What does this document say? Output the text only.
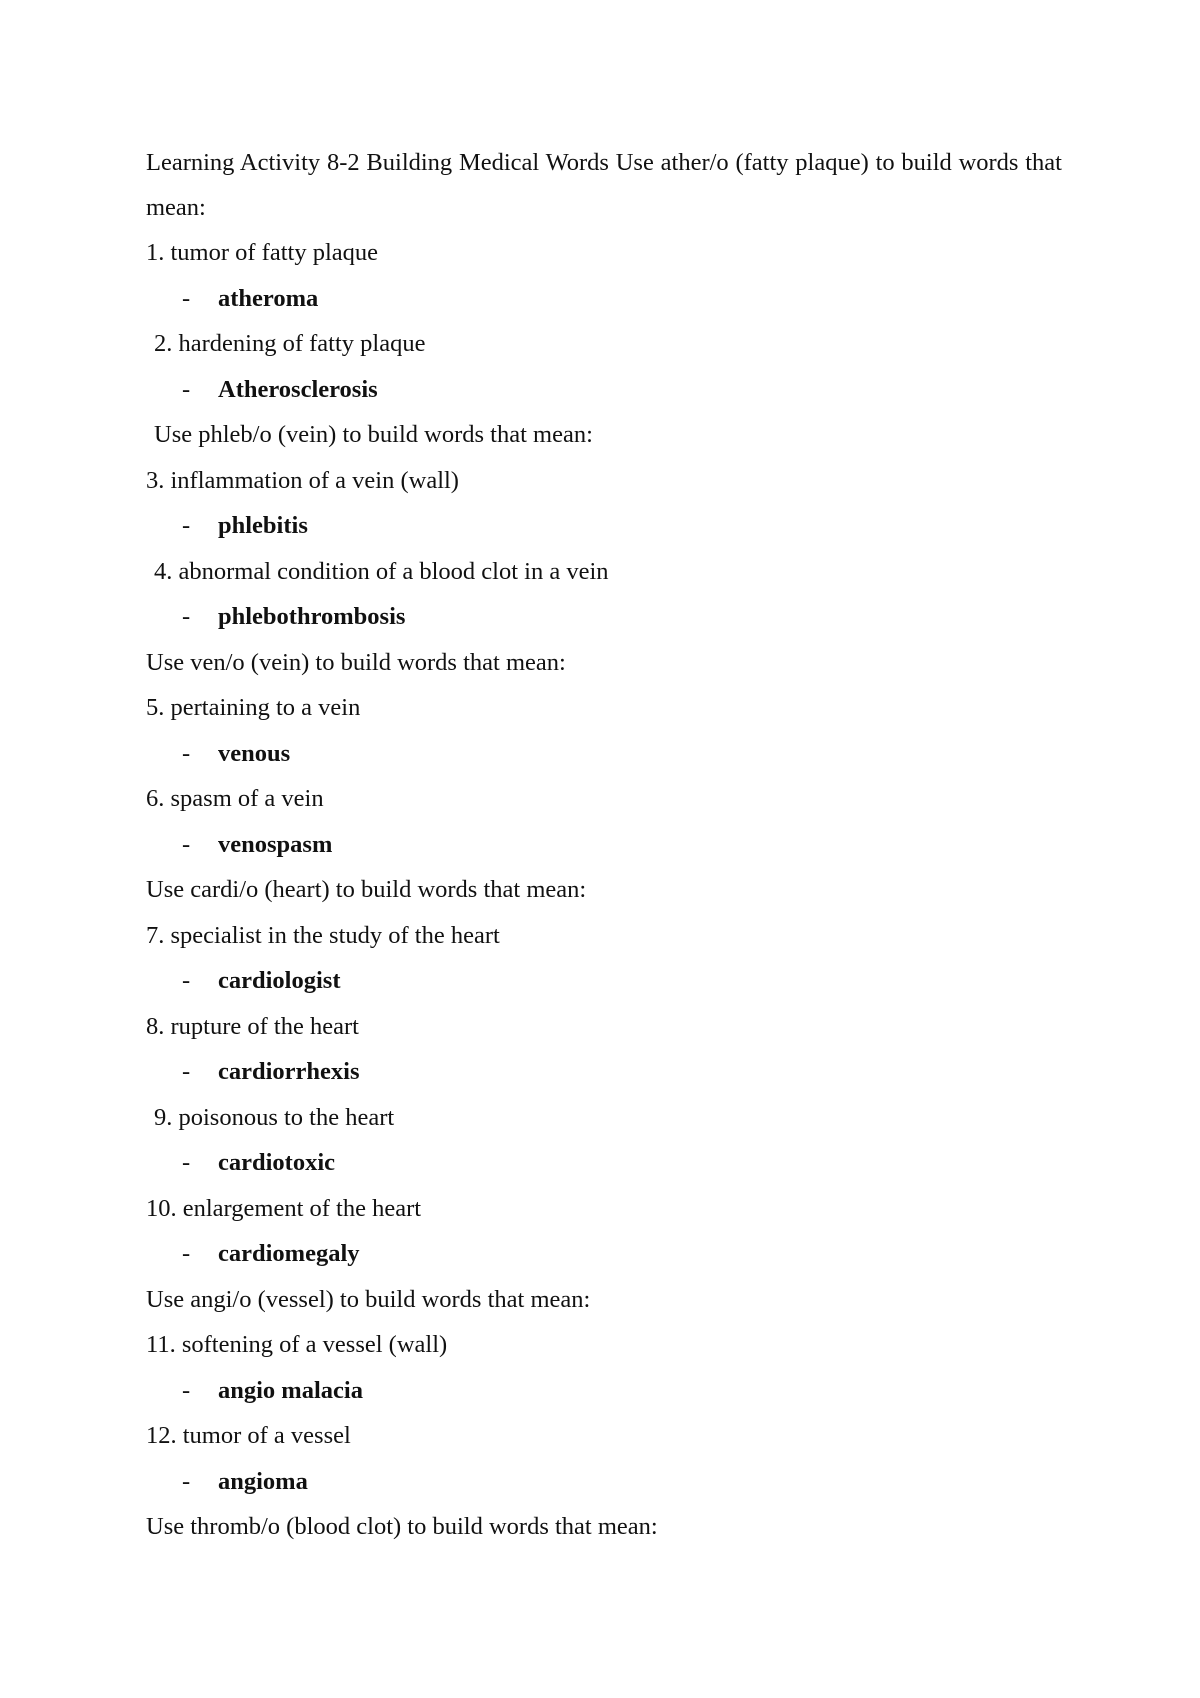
Learning Activity 8-2 Building Medical Words Use ather/o (fatty plaque) to build words that mean:

1. tumor of fatty plaque
- atheroma
2. hardening of fatty plaque
- Atherosclerosis
Use phleb/o (vein) to build words that mean:
3. inflammation of a vein (wall)
- phlebitis
4. abnormal condition of a blood clot in a vein
- phlebothrombosis
Use ven/o (vein) to build words that mean:
5. pertaining to a vein
- venous
6. spasm of a vein
- venospasm
Use cardi/o (heart) to build words that mean:
7. specialist in the study of the heart
- cardiologist
8. rupture of the heart
- cardiorrhexis
9. poisonous to the heart
- cardiotoxic
10. enlargement of the heart
- cardiomegaly
Use angi/o (vessel) to build words that mean:
11. softening of a vessel (wall)
- angio malacia
12. tumor of a vessel
- angioma
Use thromb/o (blood clot) to build words that mean:
